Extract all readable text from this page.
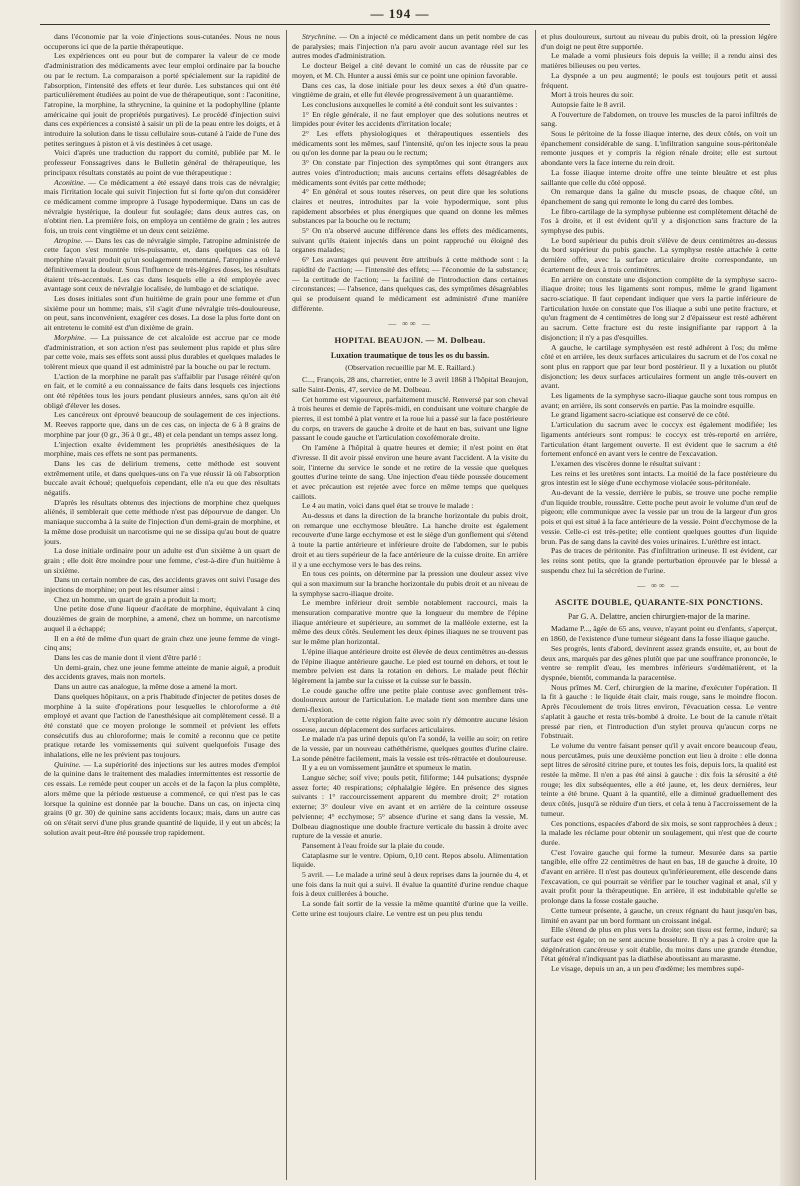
— 194 —

dans l'économie par la voie d'injections sous-cutanées. Nous ne nous occuperons ici que de la partie thérapeutique.

Les expériences ont eu pour but de comparer la valeur de ce mode d'administration des médicaments avec leur emploi ordinaire par la bouche ou par le rectum. La comparaison a porté spécialement sur la rapidité de l'absorption, l'intensité des effets et leur durée. Les substances qui ont été particulièrement étudiées au point de vue de thérapeutique, sont : l'aconitine, l'atropine, la morphine, la sthrycnine, la quinine et la podophylline (plante américaine qui jouit de propriétés purgatives). Le procédé d'injection suivi dans ces expériences a consisté à saisir un pli de la peau entre les doigts, et à introduire la solution dans le tissu cellulaire sous-cutané à l'aide de l'une des petites seringues à piston et à vis destinées à cet usage.

Voici d'après une traduction du rapport du comité, publiée par M. le professeur Fonssagrives dans le Bulletin général de thérapeutique, les principaux résultats constatés au point de vue thérapeutique :

Aconitine. — Ce médicament a été essayé dans trois cas de névralgie; mais l'irritation locale qui suivit l'injection fut si forte qu'on dut considérer ce médicament comme impropre à l'usage hypodermique. Dans un cas de névralgie hystérique, la douleur fut soulagée; dans deux autres cas, on n'obtint rien. La première fois, on employa un centième de grain ; les autres fois, un trois cent vingtième et un deux cent seizième.

Atropine. — Dans les cas de névralgie simple, l'atropine administrée de cette façon s'est montrée très-puissante, et, dans quelques cas où la morphine n'avait produit qu'un soulagement momentané, l'atropine a enlevé définitivement la douleur. Sous l'influence de très-légères doses, les résultats étaient très-accentués. Les cas dans lesquels elle a été employée avec avantage sont ceux de névralgie localisée, de lumbago et de sciatique.

Les doses initiales sont d'un huitième de grain pour une femme et d'un sixième pour un homme; mais, s'il s'agit d'une névralgie très-douloureuse, on peut, sans inconvénient, exagérer ces doses. La dose la plus forte dont on ait entretenu le comité est d'un dixième de grain.

Morphine. — La puissance de cet alcaloïde est accrue par ce mode d'administration, et son action n'est pas seulement plus rapide et plus sûre par cette voie, mais ses effets sont aussi plus durables et quelques malades le tolèrent mieux que quand il est administré par la bouche ou par le rectum.

L'action de la morphine ne paraît pas s'affaiblir par l'usage réitéré qu'on en fait, et le comité a eu connaissance de faits dans lesquels ces injections ont été répétées tous les jours pendant plusieurs années, sans qu'on ait été obligé d'élever les doses.

Les cancéreux ont éprouvé beaucoup de soulagement de ces injections. M. Reeves rapporte que, dans un de ces cas, on injecta de 6 à 8 grains de morphine par jour (0 gr., 36 à 0 gr., 48) et cela pendant un temps assez long.

L'injection exalte évidemment les propriétés anesthésiques de la morphine, mais ces effets ne sont pas permanents.

Dans les cas de delirium tremens, cette méthode est souvent extrêmement utile, et dans quelques-uns on l'a vue réussir là où l'absorption buccale avait échoué; quelquefois cependant, elle n'a eu que des résultats négatifs.

D'après les résultats obtenus des injections de morphine chez quelques aliénés, il semblerait que cette méthode n'est pas dépourvue de danger. Un maniaque succomba à la suite de l'injection d'un demi-grain de morphine, et la même dose produisit un narcotisme qui ne se dissipa qu'au bout de quatre jours.

La dose initiale ordinaire pour un adulte est d'un sixième à un quart de grain ; elle doit être moindre pour une femme, c'est-à-dire d'un huitième à un sixième.

Dans un certain nombre de cas, des accidents graves ont suivi l'usage des injections de morphine; on peut les résumer ainsi :

Chez un homme, un quart de grain a produit la mort;

Une petite dose d'une liqueur d'acétate de morphine, équivalant à cinq douzièmes de grain de morphine, a amené, chez un homme, un narcotisme auquel il a échappé;

Il en a été de même d'un quart de grain chez une jeune femme de vingt-cinq ans;

Dans les cas de manie dont il vient d'être parlé :

Un demi-grain, chez une jeune femme atteinte de manie aiguë, a produit des accidents graves, mais non mortels.

Dans un autre cas analogue, la même dose a amené la mort.

Dans quelques hôpitaux, on a pris l'habitude d'injecter de petites doses de morphine à la suite d'opérations pour lesquelles le chloroforme a été employé et avant que l'action de l'anesthésique ait complètement cessé. Il a été constaté que ce moyen prolonge le sommeil et prévient les effets consécutifs dus au chloroforme; mais le comité a reconnu que ce petite pratique retarde les vomissements qui suivent quelquefois l'usage des inhalations, elle ne les prévient pas toujours.

Quinine. — La supériorité des injections sur les autres modes d'emploi de la quinine dans le traitement des maladies intermittentes est ressortie de ces essais. Le remède peut couper un accès et de la façon la plus complète, alors même que la période œstueuse a commencé, ce qui n'est pas le cas lorsque la quinine est donnée par la bouche. Dans un cas, on injecta cinq grains (0 gr. 30) de quinine sans accidents locaux; mais, dans un autre cas où on s'était servi d'une plus grande quantité de liquide, il y eut un abcès; la solution avait peut-être été poussée trop rapidement.

Strychnine. — On a injecté ce médicament dans un petit nombre de cas de paralysies; mais l'injection n'a paru avoir aucun avantage réel sur les autres modes d'administration.

Le docteur Beigel a cité devant le comité un cas de réussite par ce moyen, et M. Ch. Hunter a aussi émis sur ce point une opinion favorable.

Dans ces cas, la dose initiale pour les deux sexes a été d'un quatre-vingtième de grain, et elle fut élevée progressivement à un quarantième.

Les conclusions auxquelles le comité a été conduit sont les suivantes :

1° En règle générale, il ne faut employer que des solutions neutres et limpides pour éviter les accidents d'irritation locale;

2° Les effets physiologiques et thérapeutiques essentiels des médicaments sont les mêmes, sauf l'intensité, qu'on les injecte sous la peau ou qu'on les donne par la peau ou le rectum;

3° On constate par l'injection des symptômes qui sont étrangers aux autres voies d'introduction; mais aucuns certains effets désagréables de médicaments sont évités par cette méthode;

4° En général et sous toutes réserves, on peut dire que les solutions claires et neutres, introduites par la voie hypodermique, sont plus rapidement absorbées et plus énergiques que quand on donne les mêmes substances par la bouche ou le rectum;

5° On n'a observé aucune différence dans les effets des médicaments, suivant qu'ils étaient injectés dans un point rapproché ou éloigné des organes malades;

6° Les avantages qui peuvent être attribués à cette méthode sont : la rapidité de l'action; — l'intensité des effets; — l'économie de la substance; — la certitude de l'action; — la facilité de l'introduction dans certaines circonstances; — l'absence, dans quelques cas, des symptômes désagréables qui se produisent quand le médicament est administré d'une manière différente.

— ∞∞ —

HOPITAL BEAUJON. — M. Dolbeau.

Luxation traumatique de tous les os du bassin.

(Observation recueillie par M. E. Raillard.)

C..., François, 28 ans, charretier, entre le 3 avril 1868 à l'hôpital Beaujon, salle Saint-Denis, 47, service de M. Dolbeau.

Cet homme est vigoureux, parfaitement musclé. Renversé par son cheval à trois heures et demie de l'après-midi, en conduisant une voiture chargée de pierres, il est tombé à plat ventre et la roue lui a passé sur la face postérieure du corps, en travers de gauche à droite et de haut en bas, suivant une ligne passant le coude gauche et l'articulation coxofémorale droite.

On l'amène à l'hôpital à quatre heures et demie; il n'est point en état d'ivresse. Il dit avoir pissé environ une heure avant l'accident. A la visite du soir, l'interne du service le sonde et ne retire de la vessie que quelques gouttes d'urine teinte de sang. Une injection d'eau tiède poussée doucement et avec précaution est rejetée avec force en même temps que quelques caillots.

Le 4 au matin, voici dans quel état se trouve le malade :

Au-dessus et dans la direction de la branche horizontale du pubis droit, on remarque une ecchymose bleuâtre. La hanche droite est également recouverte d'une large ecchymose et est le siège d'un gonflement qui s'étend à toute la partie antérieure et inférieure droite de l'abdomen, sur le pubis droit et au tiers supérieur de la face antérieure de la cuisse droite. En arrière il y a une ecchymose vers le bas des reins.

En tous ces points, on détermine par la pression une douleur assez vive qui a son maximum sur la branche horizontale du pubis droit et au niveau de la symphyse sacro-iliaque droite.

Le membre inférieur droit semble notablement raccourci, mais la mensuration comparative montre que la longueur du membre de l'épine iliaque antérieure et supérieure, au sommet de la malléole externe, est la même des deux côtés. Seulement les deux épines iliaques ne se trouvent pas sur le même plan horizontal.

L'épine iliaque antérieure droite est élevée de deux centimètres au-dessus de l'épine iliaque antérieure gauche. Le pied est tourné en dehors, et tout le membre pelvien est dans la rotation en dehors. Le malade peut fléchir légèrement la jambe sur la cuisse et la cuisse sur le bassin.

Le coude gauche offre une petite plaie contuse avec gonflement très-douloureux autour de l'articulation. Le malade tient son membre dans une demi-flexion.

L'exploration de cette région faite avec soin n'y démontre aucune lésion osseuse, aucun déplacement des surfaces articulaires.

Le malade n'a pas uriné depuis qu'on l'a sondé, la veille au soir; on retire de la vessie, par un nouveau cathéthérisme, quelques gouttes d'urine claire. La sonde pénètre facilement, mais la vessie est très-rétractée et douloureuse.

Il y a eu un vomissement jaunâtre et spumeux le matin.

Langue sèche; soif vive; pouls petit, filiforme; 144 pulsations; dyspnée assez forte; 40 respirations; céphalalgie légère. En présence des signes suivants : 1° raccourcissement apparent du membre droit; 2° rotation externe; 3° douleur vive en avant et en arrière de la ceinture osseuse pelvienne; 4° ecchymose; 5° absence d'urine et sang dans la vessie, M. Dolbeau diagnostique une double fracture verticale du bassin à droite avec rupture de la vessie et anurie.

Pansement à l'eau froide sur la plaie du coude.

Cataplasme sur le ventre. Opium, 0,10 cent. Repos absolu. Alimentation liquide.

5 avril. — Le malade a uriné seul à deux reprises dans la journée du 4, et une fois dans la nuit qui a suivi. Il évalue la quantité d'urine rendue chaque fois à deux cuillerées à bouche.

La sonde fait sortir de la vessie la même quantité d'urine que la veille. Cette urine est toujours claire. Le ventre est un peu plus tendu

et plus douloureux, surtout au niveau du pubis droit, où la pression légère d'un doigt ne peut être supportée.

Le malade a vomi plusieurs fois depuis la veille; il a rendu ainsi des matières bilieuses ou peu vertes.

La dyspnée a un peu augmenté; le pouls est toujours petit et aussi fréquent.

Mort à trois heures du soir.

Autopsie faite le 8 avril.

A l'ouverture de l'abdomen, on trouve les muscles de la paroi infiltrés de sang.

Sous le péritoine de la fosse iliaque interne, des deux côtés, on voit un épanchement considérable de sang. L'infiltration sanguine sous-péritonéale remonte jusques et y compris la région rénale droite; elle est surtout abondante vers la face interne du rein droit.

La fosse iliaque interne droite offre une teinte bleuâtre et est plus saillante que celle du côté opposé.

On remarque dans la gaîne du muscle psoas, de chaque côté, un épanchement de sang qui remonte le long du carré des lombes.

Le fibro-cartilage de la symphyse pubienne est complètement détaché de l'os à droite, et il est évident qu'il y a disjonction sans fracture de la symphyse des pubis.

Le bord supérieur du pubis droit s'élève de deux centimètres au-dessus du bord supérieur du pubis gauche. La symphyse restée attachée à cette dernière offre, avec la surface articulaire droite correspondante, un écartement de deux à trois centimètres.

En arrière on constate une disjonction complète de la symphyse sacro-iliaque droite; tous les ligaments sont rompus, même le grand ligament sacro-sciatique. Il faut cependant indiquer que vers la partie inférieure de l'articulation luxée on constate que l'os iliaque a subi une petite fracture, et qu'un fragment de 4 centimètres de long sur 2 d'épaisseur est resté adhérent au sacrum. Cette fracture est du reste insignifiante par rapport à la disjonction; il n'y a pas d'esquilles.

A gauche, le cartilage symphyséen est resté adhérent à l'os; du même côté et en arrière, les deux surfaces articulaires du sacrum et de l'os coxal ne sont plus en rapport que par leur bord postérieur. Il y a luxation ou plutôt disjonction; les deux surfaces articulaires forment un angle très-ouvert en avant.

Les ligaments de la symphyse sacro-iliaque gauche sont tous rompus en avant; en arrière, ils sont conservés en partie. Pas la moindre esquille.

Le grand ligament sacro-sciatique est conservé de ce côté.

L'articulation du sacrum avec le coccyx est également modifiée; les ligaments antérieurs sont rompus: le coccyx est très-reporté en arrière, l'articulation étant largement ouverte. Il est évident que le sacrum a été fortement enfoncé en avant vers le centre de l'excavation.

L'examen des viscères donne le résultat suivant :

Les reins et les uretères sont intacts. La moitié de la face postérieure du gros intestin est le siège d'une ecchymose violacée sous-péritonéale.

Au-devant de la vessie, derrière le pubis, se trouve une poche remplie d'un liquide trouble, roussâtre. Cette poche peut avoir le volume d'un œuf de pigeon; elle communique avec la vessie par un trou de la largeur d'un gros pois et qui est situé à la face antérieure de la vessie. Point d'ecchymose de la vessie. Celle-ci est très-petite; elle contient quelques gouttes d'un liquide brun. Pas de sang dans la cavité des voies urinaires. L'urèthre est intact.

Pas de traces de péritonite. Pas d'infiltration urineuse. Il est évident, car les reins sont petits, que la grande perturbation éprouvée par le blessé a suspendu chez lui la sécrétion de l'urine.

— ∞∞ —

ASCITE DOUBLE, QUARANTE-SIX PONCTIONS.

Par G. A. Delattre, ancien chirurgien-major de la marine.

Madame P..., âgée de 65 ans, veuve, n'ayant point eu d'enfants, s'aperçut, en 1860, de l'existence d'une tumeur siégeant dans la fosse iliaque gauche.

Ses progrès, lents d'abord, devinrent assez grands ensuite, et, au bout de deux ans, marqués par des gênes plutôt que par une souffrance prononcée, le ventre se remplit d'eau, les membres inférieurs s'œdématièrent, et la dyspnée, bientôt, commanda la paracentèse.

Nous prîmes M. Cerf, chirurgien de la marine, d'exécuter l'opération. Il la fit à gauche : le liquide était clair, mais rouge, sans le moindre flocon. Après l'écoulement de trois litres environ, l'évacuation cessa. Le ventre s'aplatit à gauche et resta très-bombé à droite. Le bout de la canule n'était pressé par rien, et l'introduction d'un stylet prouva qu'aucun corps ne l'obstruait.

Le volume du ventre faisant penser qu'il y avait encore beaucoup d'eau, nous percutâmes, puis une deuxième ponction eut lieu à droite : elle donna sept litres de sérosité citrine pure, et toutes les fois, depuis lors, la qualité est restée la même. Il n'en a pas été ainsi à gauche : dix fois la sérosité a été rouge; les dix subséquentes, elle a été jaune, et, les deux dernières, leur teinte a été brune. Quant à la quantité, elle a diminué graduellement des deux côtés, jusqu'à se réduire d'un tiers, et cela à tenu à l'accroissement de la tumeur.

Ces ponctions, espacées d'abord de six mois, se sont rapprochées à deux ; la malade les réclame pour obtenir un soulagement, qui n'est que de courte durée.

C'est l'ovaire gauche qui forme la tumeur. Mesurée dans sa partie tangible, elle offre 22 centimètres de haut en bas, 18 de gauche à droite, 10 d'avant en arrière. Il n'est pas douteux qu'inférieurement, elle descende dans l'excavation, ce qui pourrait se vérifier par le toucher vaginal et anal, s'il y avait profit pour la thérapeutique. En arrière, il est indubitable qu'elle se prolonge dans la fosse costale gauche.

Cette tumeur présente, à gauche, un creux régnant du haut jusqu'en bas, limité en avant par un bord formant un croissant inégal.

Elle s'étend de plus en plus vers la droite; son tissu est ferme, induré; sa surface est égale; on ne sent aucune bosselure. Il n'y a pas à croire que la dégénération cancéreuse y soit établie, du moins dans une grande étendue, l'état général n'indiquant pas la diathèse aboutissant au marasme.

Le visage, depuis un an, a un peu d'œdème; les membres supé-
